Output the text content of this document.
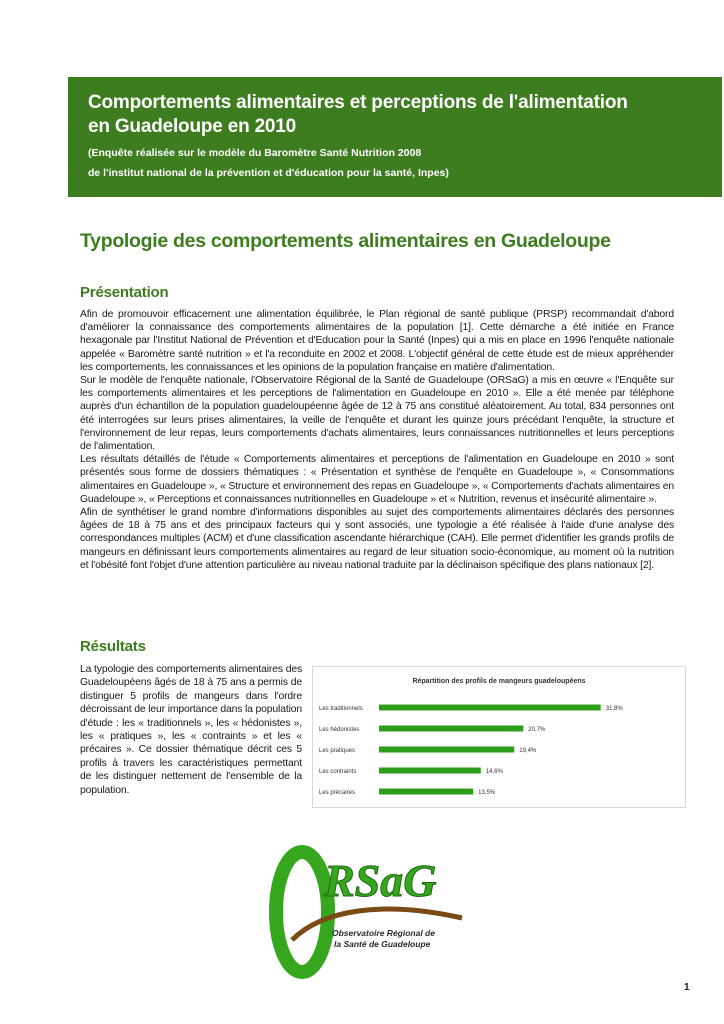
Comportements alimentaires et perceptions de l'alimentation
en Guadeloupe en 2010
(Enquête réalisée sur le modèle du Baromètre Santé Nutrition 2008
de l'institut national de la prévention et d'éducation pour la santé, Inpes)
Typologie des comportements alimentaires en Guadeloupe
Présentation

Afin de promouvoir efficacement une alimentation équilibrée, le Plan régional de santé publique (PRSP) recommandait d'abord d'améliorer la connaissance des comportements alimentaires de la population [1]. Cette démarche a été initiée en France hexagonale par l'Institut National de Prévention et d'Education pour la Santé (Inpes) qui a mis en place en 1996 l'enquête nationale appelée « Baromètre santé nutrition » et l'a reconduite en 2002 et 2008. L'objectif général de cette étude est de mieux appréhender les comportements, les connaissances et les opinions de la population française en matière d'alimentation.

Sur le modèle de l'enquête nationale, l'Observatoire Régional de la Santé de Guadeloupe (ORSaG) a mis en œuvre « l'Enquête sur les comportements alimentaires et les perceptions de l'alimentation en Guadeloupe en 2010 ». Elle a été menée par téléphone auprès d'un échantillon de la population guadeloupéenne âgée de 12 à 75 ans constitué aléatoirement. Au total, 834 personnes ont été interrogées sur leurs prises alimentaires, la veille de l'enquête et durant les quinze jours précédant l'enquête, la structure et l'environnement de leur repas, leurs comportements d'achats alimentaires, leurs connaissances nutritionnelles et leurs perceptions de l'alimentation.

Les résultats détaillés de l'étude « Comportements alimentaires et perceptions de l'alimentation en Guadeloupe en 2010 » sont présentés sous forme de dossiers thématiques : « Présentation et synthèse de l'enquête en Guadeloupe », « Consommations alimentaires en Guadeloupe », « Structure et environnement des repas en Guadeloupe », « Comportements d'achats alimentaires en Guadeloupe », « Perceptions et connaissances nutritionnelles en Guadeloupe » et « Nutrition, revenus et insécurité alimentaire ».

Afin de synthétiser le grand nombre d'informations disponibles au sujet des comportements alimentaires déclarés des personnes âgées de 18 à 75 ans et des principaux facteurs qui y sont associés, une typologie a été réalisée à l'aide d'une analyse des correspondances multiples (ACM) et d'une classification ascendante hiérarchique (CAH). Elle permet d'identifier les grands profils de mangeurs en définissant leurs comportements alimentaires au regard de leur situation socio-économique, au moment où la nutrition et l'obésité font l'objet d'une attention particulière au niveau national traduite par la déclinaison spécifique des plans nationaux [2].

Résultats
La typologie des comportements alimentaires des Guadeloupéens âgés de 18 à 75 ans a permis de distinguer 5 profils de mangeurs dans l'ordre décroissant de leur importance dans la population d'étude : les « traditionnels », les « hédonistes », les « pratiques », les « contraints » et les « précaires ». Ce dossier thématique décrit ces 5 profils à travers les caractéristiques permettant de les distinguer nettement de l'ensemble de la population.
Répartition des profils de mangeurs guadeloupéens
Les traditionnels	31,8%
Les hédonistes	20,7%
Les pratiques	19,4%
Les contraints	14,6%
Les précaires	13,5%
RSaG
Observatoire Régional de
la Santé de Guadeloupe
1
